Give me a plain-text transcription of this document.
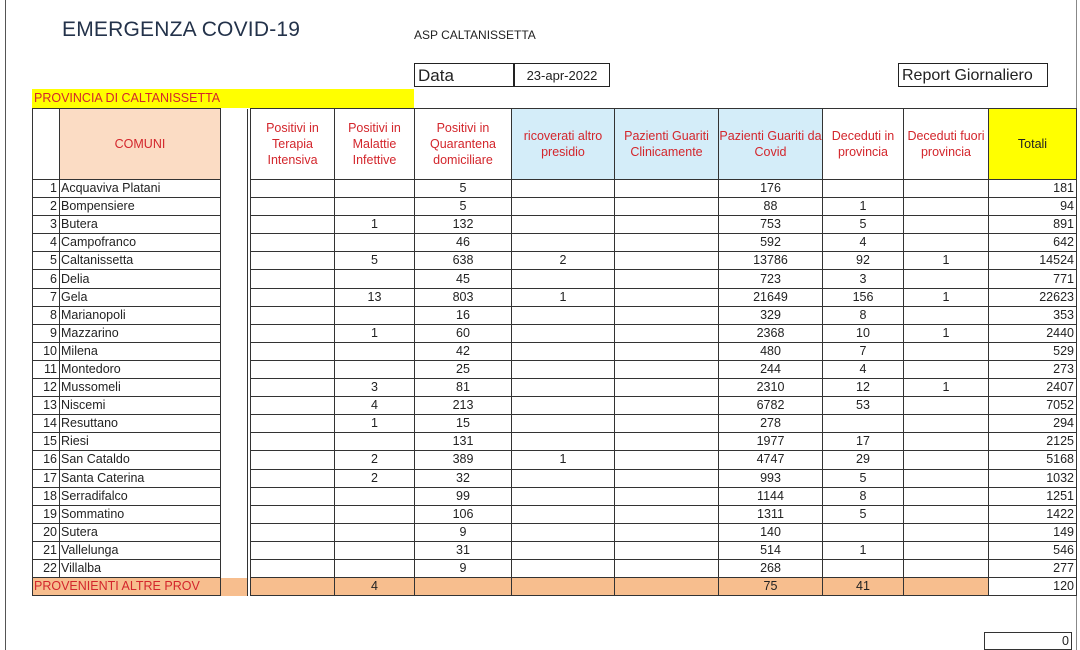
EMERGENZA COVID-19	ASP CALTANISSETTA
Data	23-apr-2022	Report Giornaliero
PROVINCIA DI CALTANISSETTA
	COMUNI			Positivi in Terapia Intensiva	Positivi in Malattie Infettive	Positivi in Quarantena domiciliare	ricoverati altro presidio	Pazienti Guariti Clinicamente	Pazienti Guariti da Covid	Deceduti in provincia	Deceduti fuori provincia	Totali
1	Acquaviva Platani					5			176			181
2	Bompensiere					5			88	1		94
3	Butera				1	132			753	5		891
4	Campofranco					46			592	4		642
5	Caltanissetta				5	638	2		13786	92	1	14524
6	Delia					45			723	3		771
7	Gela				13	803	1		21649	156	1	22623
8	Marianopoli					16			329	8		353
9	Mazzarino				1	60			2368	10	1	2440
10	Milena					42			480	7		529
11	Montedoro					25			244	4		273
12	Mussomeli				3	81			2310	12	1	2407
13	Niscemi				4	213			6782	53		7052
14	Resuttano				1	15			278			294
15	Riesi					131			1977	17		2125
16	San Cataldo				2	389	1		4747	29		5168
17	Santa Caterina				2	32			993	5		1032
18	Serradifalco					99			1144	8		1251
19	Sommatino					106			1311	5		1422
20	Sutera					9			140			149
21	Vallelunga					31			514	1		546
22	Villalba					9			268			277
PROVENIENTI ALTRE PROV					4				75	41		120
0
